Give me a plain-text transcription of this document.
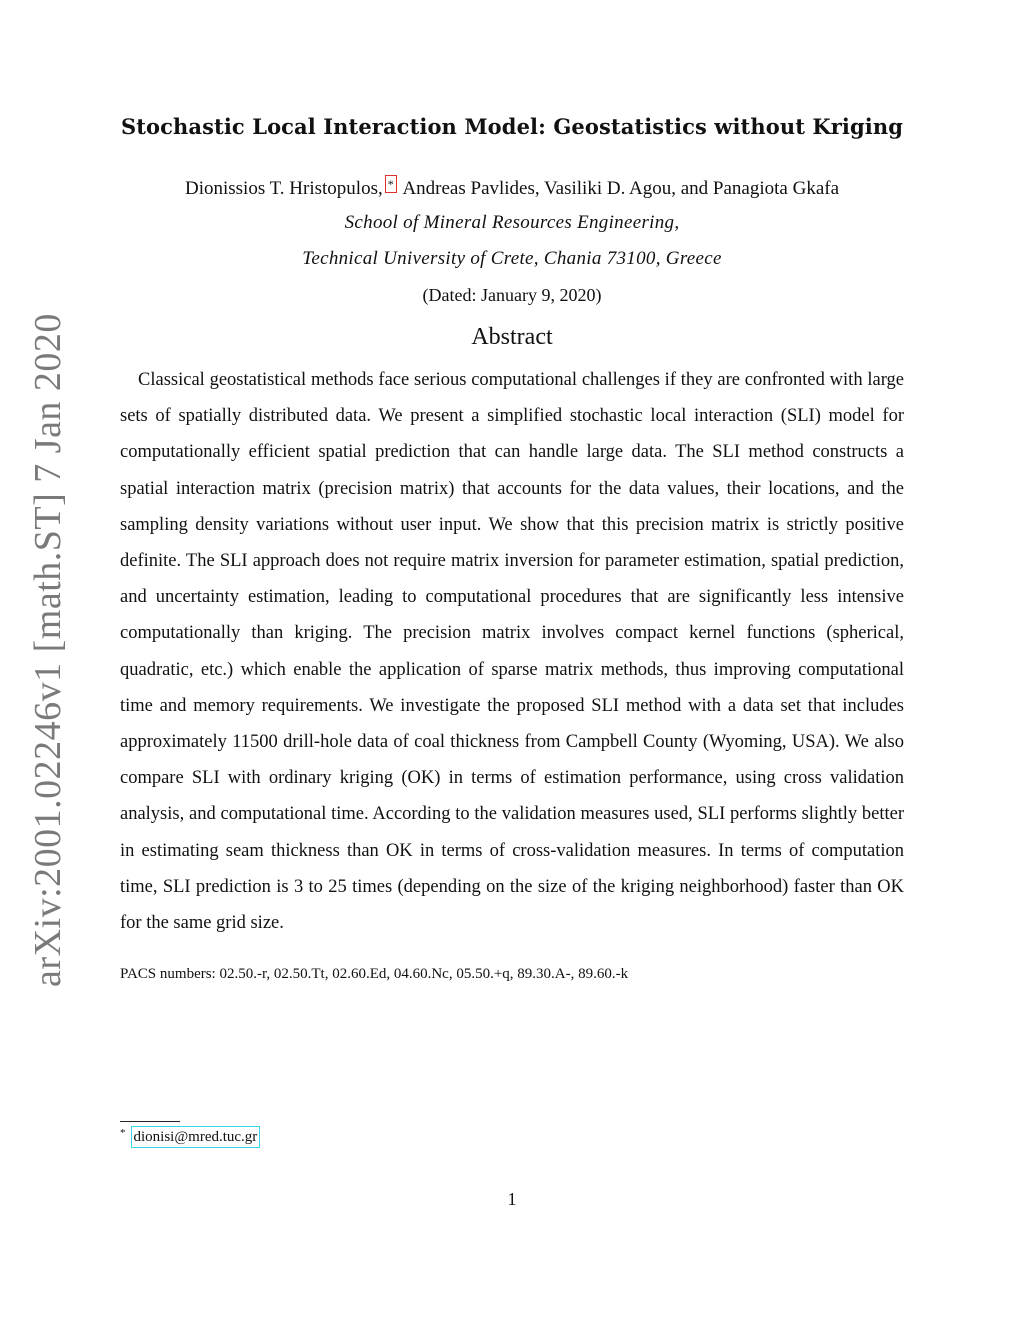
arXiv:2001.02246v1 [math.ST] 7 Jan 2020
Stochastic Local Interaction Model: Geostatistics without Kriging
Dionissios T. Hristopulos, * Andreas Pavlides, Vasiliki D. Agou, and Panagiota Gkafa
School of Mineral Resources Engineering,
Technical University of Crete, Chania 73100, Greece
(Dated: January 9, 2020)
Abstract
Classical geostatistical methods face serious computational challenges if they are confronted with large sets of spatially distributed data. We present a simplified stochastic local interaction (SLI) model for computationally efficient spatial prediction that can handle large data. The SLI method constructs a spatial interaction matrix (precision matrix) that accounts for the data values, their locations, and the sampling density variations without user input. We show that this precision matrix is strictly positive definite. The SLI approach does not require matrix inversion for parameter estimation, spatial prediction, and uncertainty estimation, leading to computational procedures that are significantly less intensive computationally than kriging. The precision matrix involves compact kernel functions (spherical, quadratic, etc.) which enable the application of sparse matrix methods, thus improving computational time and memory requirements. We investigate the proposed SLI method with a data set that includes approximately 11500 drill-hole data of coal thickness from Campbell County (Wyoming, USA). We also compare SLI with ordinary kriging (OK) in terms of estimation performance, using cross validation analysis, and computational time. According to the validation measures used, SLI performs slightly better in estimating seam thickness than OK in terms of cross-validation measures. In terms of computation time, SLI prediction is 3 to 25 times (depending on the size of the kriging neighborhood) faster than OK for the same grid size.
PACS numbers: 02.50.-r, 02.50.Tt, 02.60.Ed, 04.60.Nc, 05.50.+q, 89.30.A-, 89.60.-k
* dionisi@mred.tuc.gr
1
